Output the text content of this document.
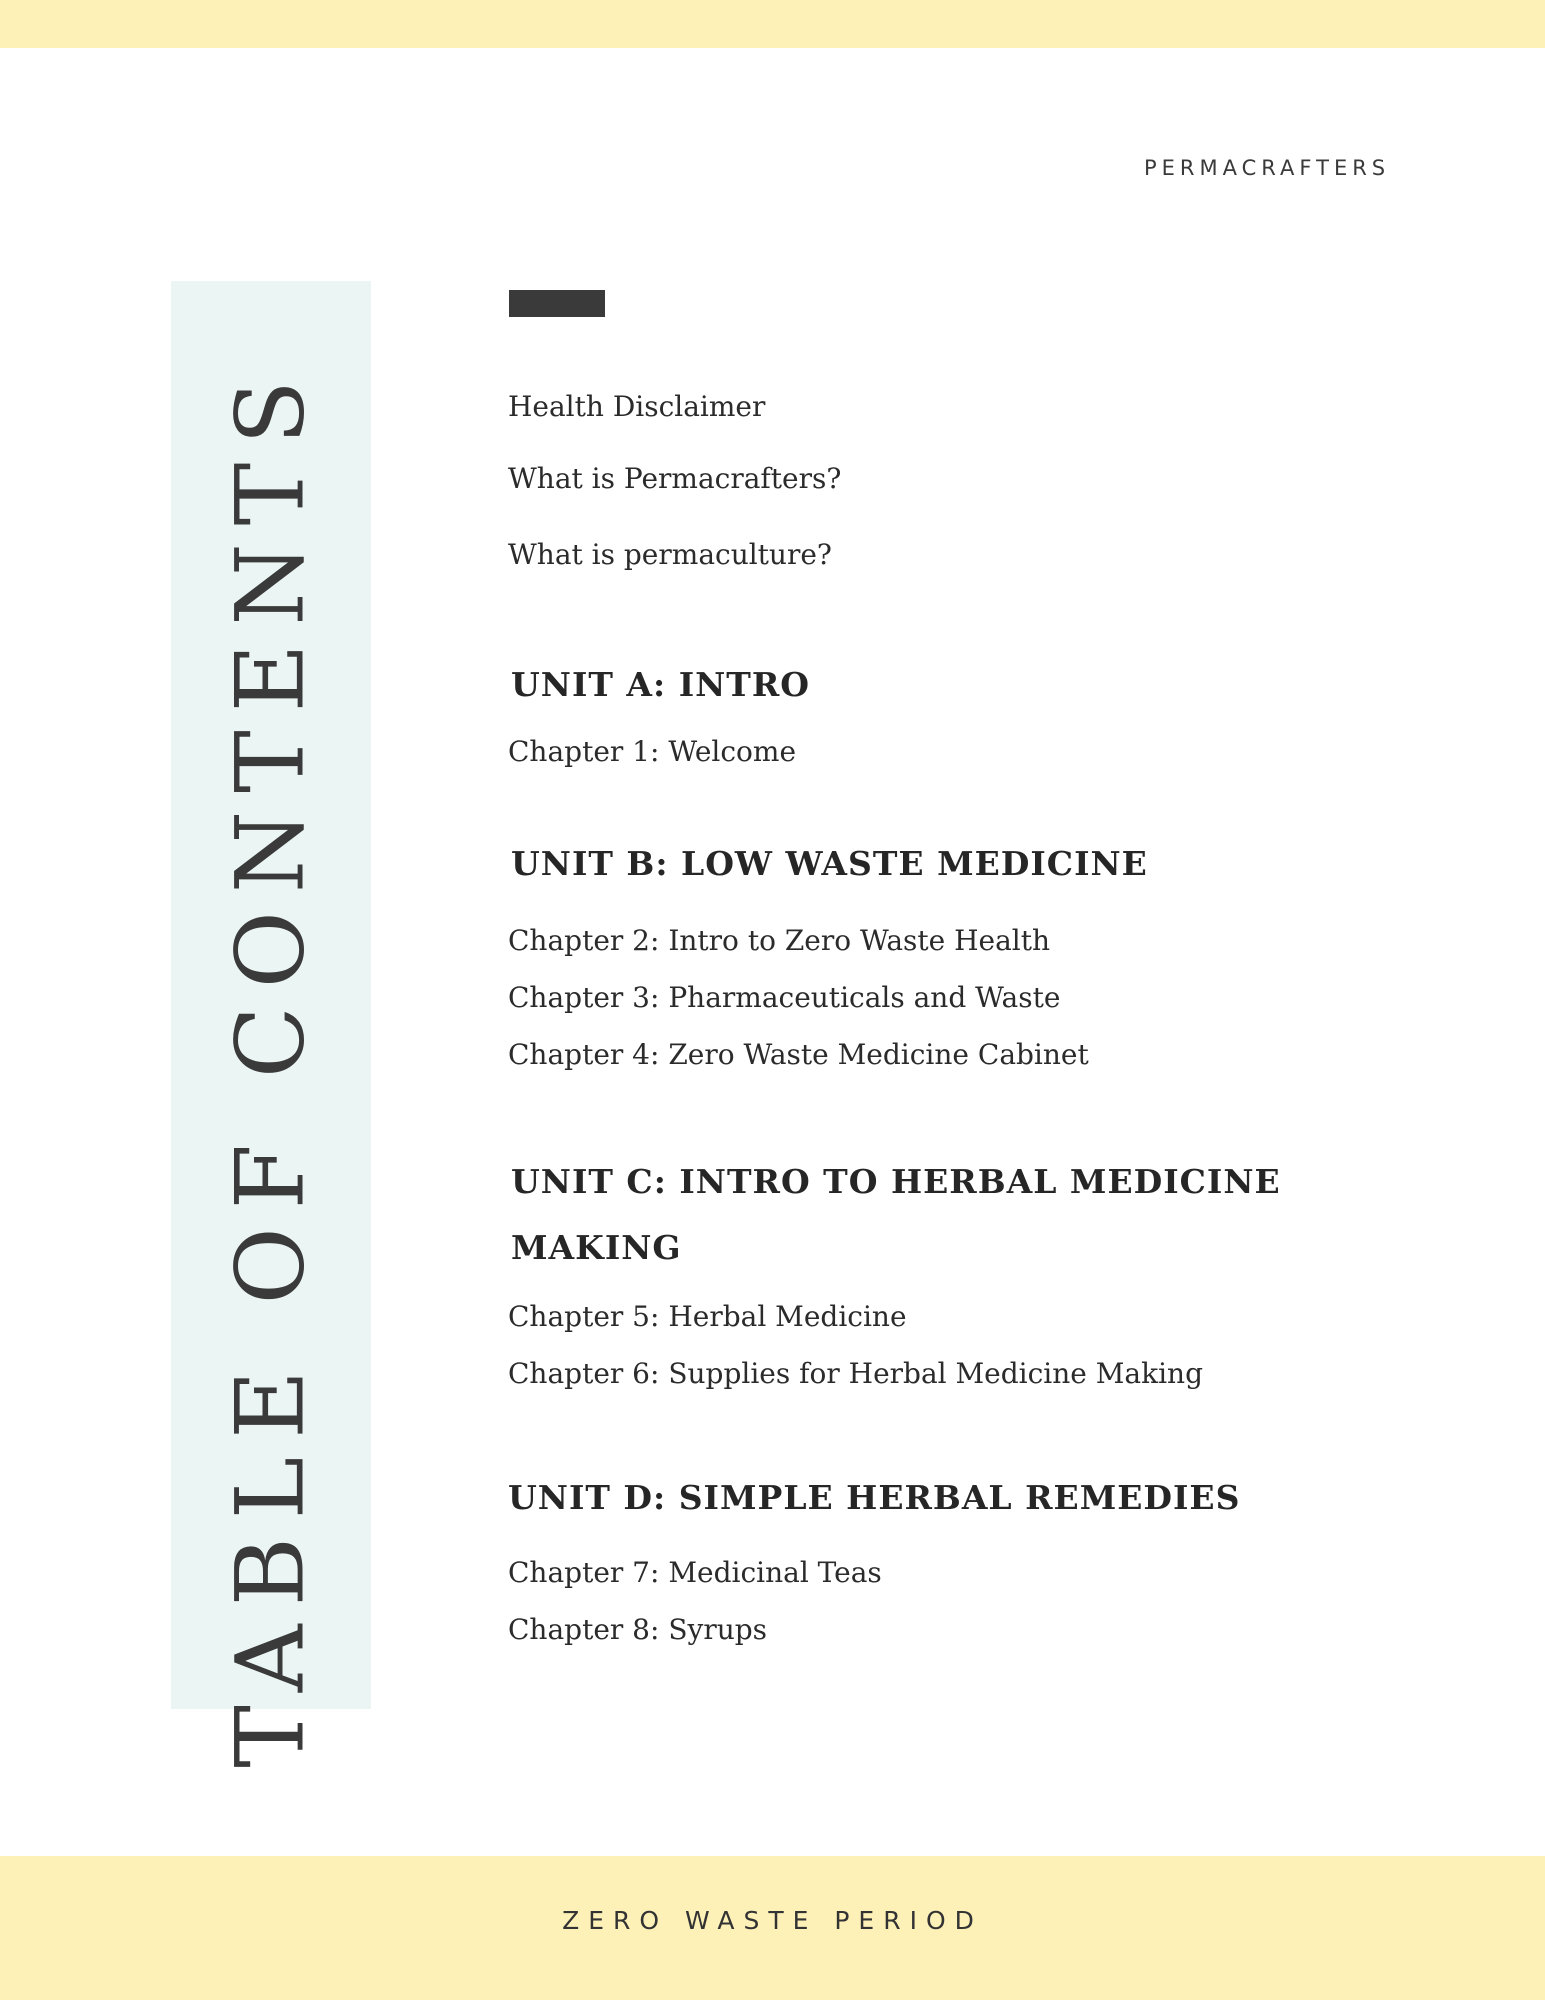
PERMACRAFTERS
TABLE OF CONTENTS	Health Disclaimer
What is Permacrafters?
What is permaculture?
UNIT A: INTRO
Chapter 1: Welcome
UNIT B: LOW WASTE MEDICINE
Chapter 2: Intro to Zero Waste Health
Chapter 3: Pharmaceuticals and Waste
Chapter 4: Zero Waste Medicine Cabinet
UNIT C: INTRO TO HERBAL MEDICINE
MAKING
Chapter 5: Herbal Medicine
Chapter 6: Supplies for Herbal Medicine Making
UNIT D: SIMPLE HERBAL REMEDIES
Chapter 7: Medicinal Teas
Chapter 8: Syrups
ZERO WASTE PERIOD
